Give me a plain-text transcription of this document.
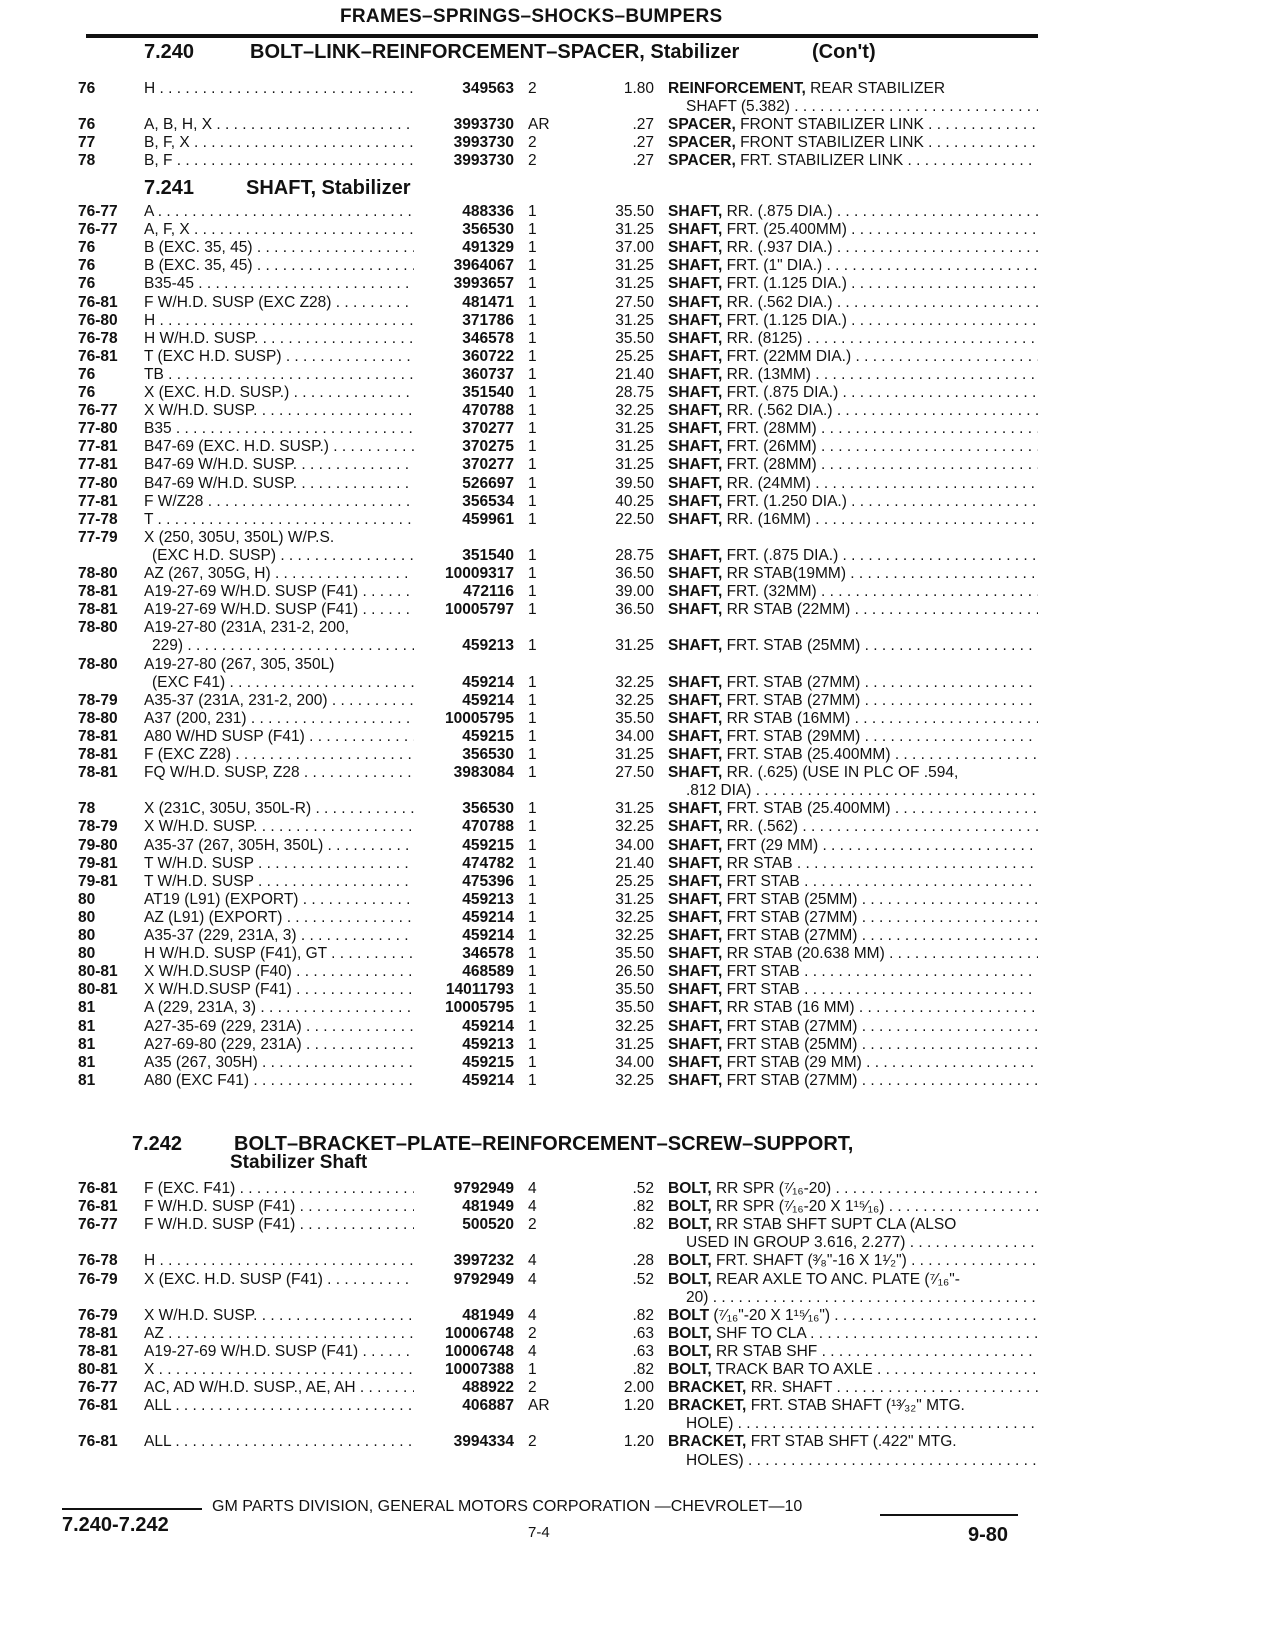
FRAMES–SPRINGS–SHOCKS–BUMPERS
7.240	BOLT–LINK–REINFORCEMENT–SPACER, Stabilizer	(Con't)
76	H . . .	349563 2	1.80 REINFORCEMENT, REAR STABILIZER
SHAFT (5.382) . . .
76	A, B, H, X . . .	3993730 AR	.27 SPACER, FRONT STABILIZER LINK . . .
77	B, F, X . . .	3993730 2	.27 SPACER, FRONT STABILIZER LINK . . .
78	B, F . . .	3993730 2	.27 SPACER, FRT. STABILIZER LINK . . .
7.241	SHAFT, Stabilizer
76-77 A . . .	488336 1	35.50 SHAFT, RR. (.875 DIA.) . . .
76-77 A, F, X . . .	356530 1	31.25 SHAFT, FRT. (25.400MM) . . .
76	B (EXC. 35, 45) . . .	491329 1	37.00 SHAFT, RR. (.937 DIA.) . . .
76	B (EXC. 35, 45) . . .	3964067 1	31.25 SHAFT, FRT. (1" DIA.) . . .
76	B35-45 . . .	3993657 1	31.25 SHAFT, FRT. (1.125 DIA.) . . .
76-81 F W/H.D. SUSP (EXC Z28) . . .	481471 1	27.50 SHAFT, RR. (.562 DIA.) . . .
76-80 H . . .	371786 1	31.25 SHAFT, FRT. (1.125 DIA.) . . .
76-78 H W/H.D. SUSP. . . .	346578 1	35.50 SHAFT, RR. (8125) . . .
76-81 T (EXC H.D. SUSP) . . .	360722 1	25.25 SHAFT, FRT. (22MM DIA.) . . .
76	TB . . .	360737 1	21.40 SHAFT, RR. (13MM) . . .
76	X (EXC. H.D. SUSP.) . . .	351540 1	28.75 SHAFT, FRT. (.875 DIA.) . . .
76-77 X W/H.D. SUSP. . . .	470788 1	32.25 SHAFT, RR. (.562 DIA.) . . .
77-80 B35 . . .	370277 1	31.25 SHAFT, FRT. (28MM) . . .
77-81 B47-69 (EXC. H.D. SUSP.) . . .	370275 1	31.25 SHAFT, FRT. (26MM) . . .
77-81 B47-69 W/H.D. SUSP. . . .	370277 1	31.25 SHAFT, FRT. (28MM) . . .
77-80 B47-69 W/H.D. SUSP. . . .	526697 1	39.50 SHAFT, RR. (24MM) . . .
77-81 F W/Z28 . . .	356534 1	40.25 SHAFT, FRT. (1.250 DIA.) . . .
77-78 T . . .	459961 1	22.50 SHAFT, RR. (16MM) . . .
77-79 X (250, 305U, 350L) W/P.S.
(EXC H.D. SUSP) . . .	351540 1	28.75 SHAFT, FRT. (.875 DIA.) . . .
78-80 AZ (267, 305G, H) . . .	10009317 1	36.50 SHAFT, RR STAB(19MM) . . .
78-81 A19-27-69 W/H.D. SUSP (F41) . . .	472116 1	39.00 SHAFT, FRT. (32MM) . . .
78-81 A19-27-69 W/H.D. SUSP (F41) . . .	10005797 1	36.50 SHAFT, RR STAB (22MM) . . .
78-80 A19-27-80 (231A, 231-2, 200,
229) . . .	459213 1	31.25 SHAFT, FRT. STAB (25MM) . . .
78-80 A19-27-80 (267, 305, 350L)
(EXC F41) . . .	459214 1	32.25 SHAFT, FRT. STAB (27MM) . . .
78-79 A35-37 (231A, 231-2, 200) . . .	459214 1	32.25 SHAFT, FRT. STAB (27MM) . . .
78-80 A37 (200, 231) . . .	10005795 1	35.50 SHAFT, RR STAB (16MM) . . .
78-81 A80 W/HD SUSP (F41) . . .	459215 1	34.00 SHAFT, FRT. STAB (29MM) . . .
78-81 F (EXC Z28) . . .	356530 1	31.25 SHAFT, FRT. STAB (25.400MM) . . .
78-81 FQ W/H.D. SUSP, Z28 . . .	3983084 1	27.50 SHAFT, RR. (.625) (USE IN PLC OF .594,
.812 DIA) . . .
78	X (231C, 305U, 350L-R) . . .	356530 1	31.25 SHAFT, FRT. STAB (25.400MM) . . .
78-79 X W/H.D. SUSP. . . .	470788 1	32.25 SHAFT, RR. (.562) . . .
79-80 A35-37 (267, 305H, 350L) . . .	459215 1	34.00 SHAFT, FRT (29 MM) . . .
79-81 T W/H.D. SUSP . . .	474782 1	21.40 SHAFT, RR STAB . . .
79-81 T W/H.D. SUSP . . .	475396 1	25.25 SHAFT, FRT STAB . . .
80	AT19 (L91) (EXPORT) . . .	459213 1	31.25 SHAFT, FRT STAB (25MM) . . .
80	AZ (L91) (EXPORT) . . .	459214 1	32.25 SHAFT, FRT STAB (27MM) . . .
80	A35-37 (229, 231A, 3) . . .	459214 1	32.25 SHAFT, FRT STAB (27MM) . . .
80	H W/H.D. SUSP (F41), GT . . .	346578 1	35.50 SHAFT, RR STAB (20.638 MM) . . .
80-81 X W/H.D.SUSP (F40) . . .	468589 1	26.50 SHAFT, FRT STAB . . .
80-81 X W/H.D.SUSP (F41) . . .	14011793 1	35.50 SHAFT, FRT STAB . . .
81	A (229, 231A, 3) . . .	10005795 1	35.50 SHAFT, RR STAB (16 MM) . . .
81	A27-35-69 (229, 231A) . . .	459214 1	32.25 SHAFT, FRT STAB (27MM) . . .
81	A27-69-80 (229, 231A) . . .	459213 1	31.25 SHAFT, FRT STAB (25MM) . . .
81	A35 (267, 305H) . . .	459215 1	34.00 SHAFT, FRT STAB (29 MM) . . .
81	A80 (EXC F41) . . .	459214 1	32.25 SHAFT, FRT STAB (27MM) . . .
7.242	BOLT–BRACKET–PLATE–REINFORCEMENT–SCREW–SUPPORT,
Stabilizer Shaft
76-81 F (EXC. F41) . . .	9792949 4	.52 BOLT, RR SPR (⁷⁄₁₆-20) . . .
76-81 F W/H.D. SUSP (F41) . . .	481949 4	.82 BOLT, RR SPR (⁷⁄₁₆-20 X 1¹⁵⁄₁₆) . . .
76-77 F W/H.D. SUSP (F41) . . .	500520 2	.82 BOLT, RR STAB SHFT SUPT CLA (ALSO
USED IN GROUP 3.616, 2.277) . . .
76-78 H . . .	3997232 4	.28 BOLT, FRT. SHAFT (³⁄₈"-16 X 1¹⁄₂") . . .
76-79 X (EXC. H.D. SUSP (F41) . . .	9792949 4	.52 BOLT, REAR AXLE TO ANC. PLATE (⁷⁄₁₆"-
20) . . .
76-79 X W/H.D. SUSP. . . .	481949 4	.82 BOLT (⁷⁄₁₆"-20 X 1¹⁵⁄₁₆") . . .
78-81 AZ . . .	10006748 2	.63 BOLT, SHF TO CLA . . .
78-81 A19-27-69 W/H.D. SUSP (F41) . . .	10006748 4	.63 BOLT, RR STAB SHF . . .
80-81 X . . .	10007388 1	.82 BOLT, TRACK BAR TO AXLE . . .
76-77 AC, AD W/H.D. SUSP., AE, AH . . .	488922 2	2.00 BRACKET, RR. SHAFT . . .
76-81 ALL . . .	406887 AR	1.20 BRACKET, FRT. STAB SHAFT (¹³⁄₃₂" MTG.
HOLE) . . .
76-81 ALL . . .	3994334 2	1.20 BRACKET, FRT STAB SHFT (.422" MTG.
HOLES) . . .
GM PARTS DIVISION, GENERAL MOTORS CORPORATION —CHEVROLET—10
7.240-7.242	7-4	9-80
